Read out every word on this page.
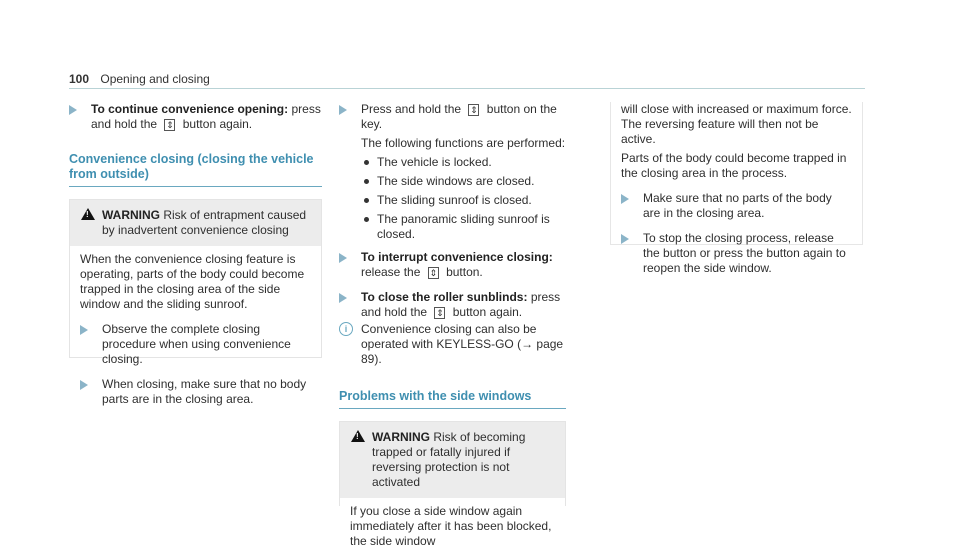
100 Opening and closing
To continue convenience opening: press and hold the ⇕ button again.
Convenience closing (closing the vehicle
from outside)
! WARNING Risk of entrapment caused by inadvertent convenience closing
When the convenience closing feature is operating, parts of the body could become trapped in the closing area of the side window and the sliding sunroof.
Observe the complete closing procedure when using convenience closing.
When closing, make sure that no body parts are in the closing area.
Press and hold the ⇕ button on the key.
The following functions are performed:
The vehicle is locked.
The side windows are closed.
The sliding sunroof is closed.
The panoramic sliding sunroof is closed.
To interrupt convenience closing: release the ⇕ button.
To close the roller sunblinds: press and hold the ⇕ button again.
i	Convenience closing can also be operated with KEYLESS-GO (→ page 89).
Problems with the side windows
! WARNING Risk of becoming trapped or fatally injured if reversing protection is not activated
If you close a side window again immediately after it has been blocked, the side window
will close with increased or maximum force. The reversing feature will then not be active.
Parts of the body could become trapped in the closing area in the process.
Make sure that no parts of the body are in the closing area.
To stop the closing process, release the button or press the button again to reopen the side window.
